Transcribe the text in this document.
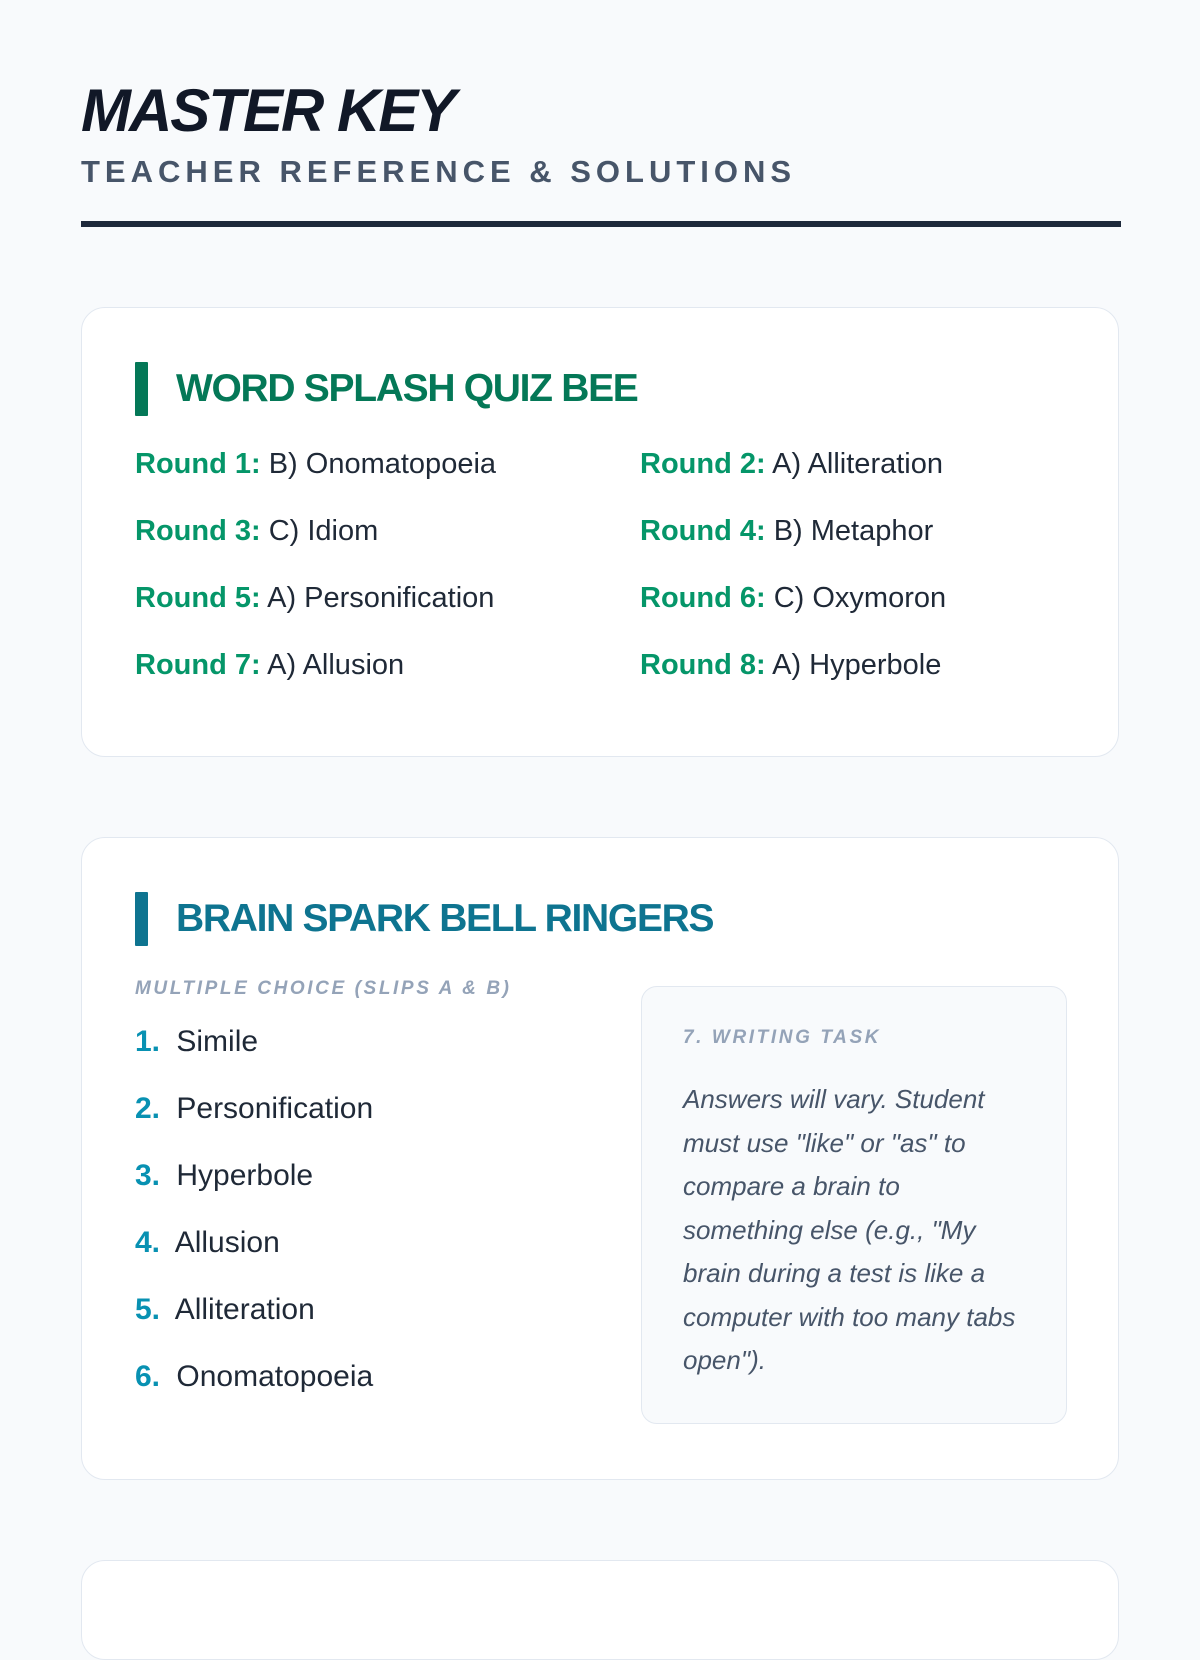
MASTER KEY
TEACHER REFERENCE & SOLUTIONS
WORD SPLASH QUIZ BEE
Round 1: B) Onomatopoeia	Round 2: A) Alliteration
Round 3: C) Idiom	Round 4: B) Metaphor
Round 5: A) Personification	Round 6: C) Oxymoron
Round 7: A) Allusion	Round 8: A) Hyperbole
BRAIN SPARK BELL RINGERS
MULTIPLE CHOICE (SLIPS A & B)
1. Simile
2. Personification
3. Hyperbole
4. Allusion
5. Alliteration
6. Onomatopoeia
7. WRITING TASK

Answers will vary. Student must use "like" or "as" to compare a brain to something else (e.g., "My brain during a test is like a computer with too many tabs open").
